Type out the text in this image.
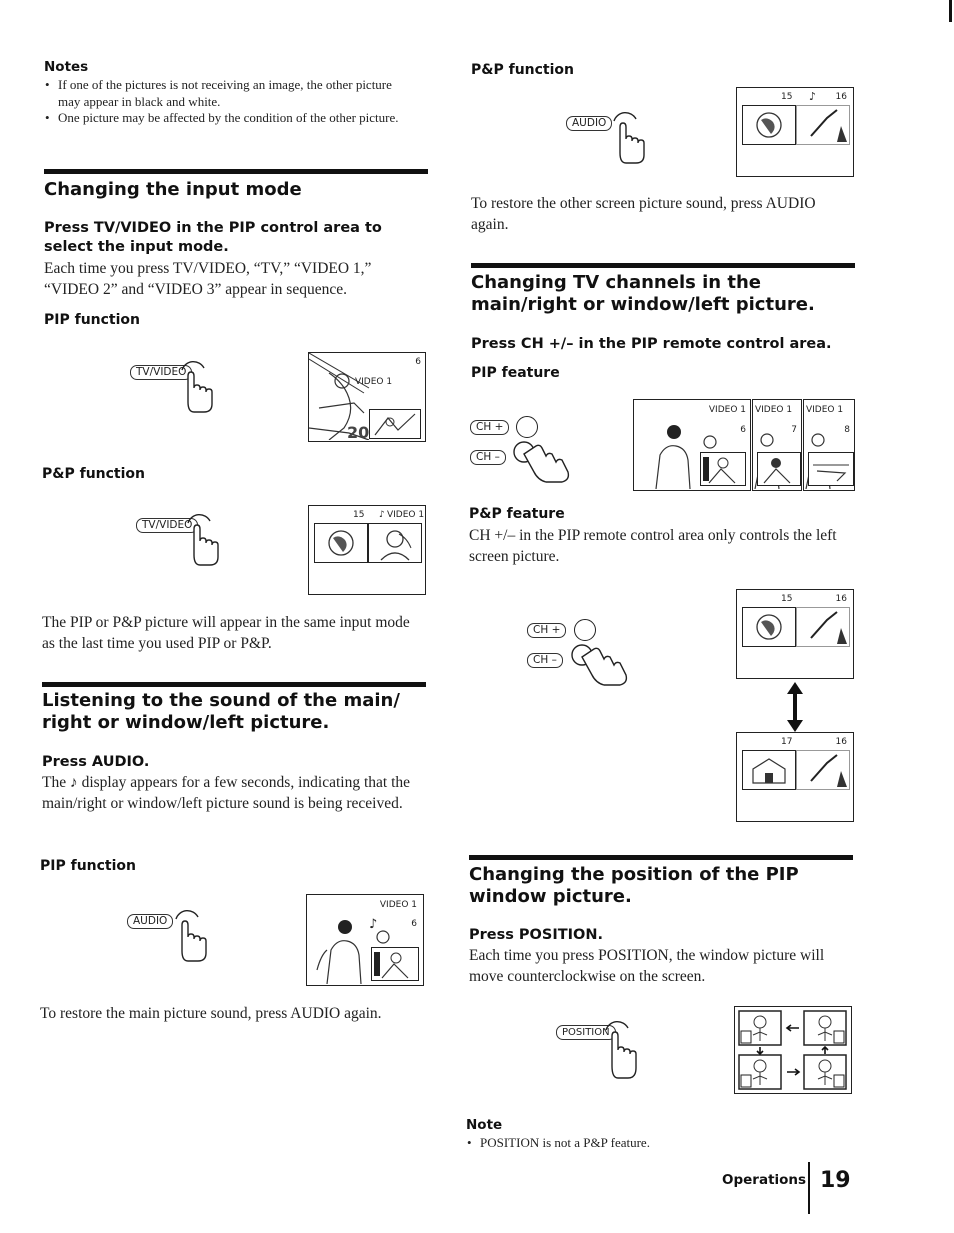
Notes
• If one of the pictures is not receiving an image, the other picture may appear in black and white.
• One picture may be affected by the condition of the other picture.
Changing the input mode
Press TV/VIDEO in the PIP control area to select the input mode.
Each time you press TV/VIDEO, “TV,” “VIDEO 1,” “VIDEO 2” and “VIDEO 3” appear in sequence.
PIP function
TV/VIDEO
20
6
VIDEO 1
P&P function
TV/VIDEO
15 ♪ VIDEO 1
The PIP or P&P picture will appear in the same input mode as the last time you used PIP or P&P.
Listening to the sound of the main/ right or window/left picture.
Press AUDIO.
The ♪ display appears for a few seconds, indicating that the main/right or window/left picture sound is being received.
PIP function
AUDIO
VIDEO 1
♪	6
To restore the main picture sound, press AUDIO again.
P&P function
AUDIO
15 ♪ 16
To restore the other screen picture sound, press AUDIO again.
Changing TV channels in the main/right or window/left picture.
Press CH +/– in the PIP remote control area.
PIP feature
CH +
CH –
VIDEO 1
6
VIDEO 1
7
VIDEO 1
8
P&P feature
CH +/– in the PIP remote control area only controls the left screen picture.
CH +
CH –
15	16
17	16
Changing the position of the PIP window picture.
Press POSITION.
Each time you press POSITION, the window picture will move counterclockwise on the screen.
POSITION
Note
• POSITION is not a P&P feature.
Operations 19
